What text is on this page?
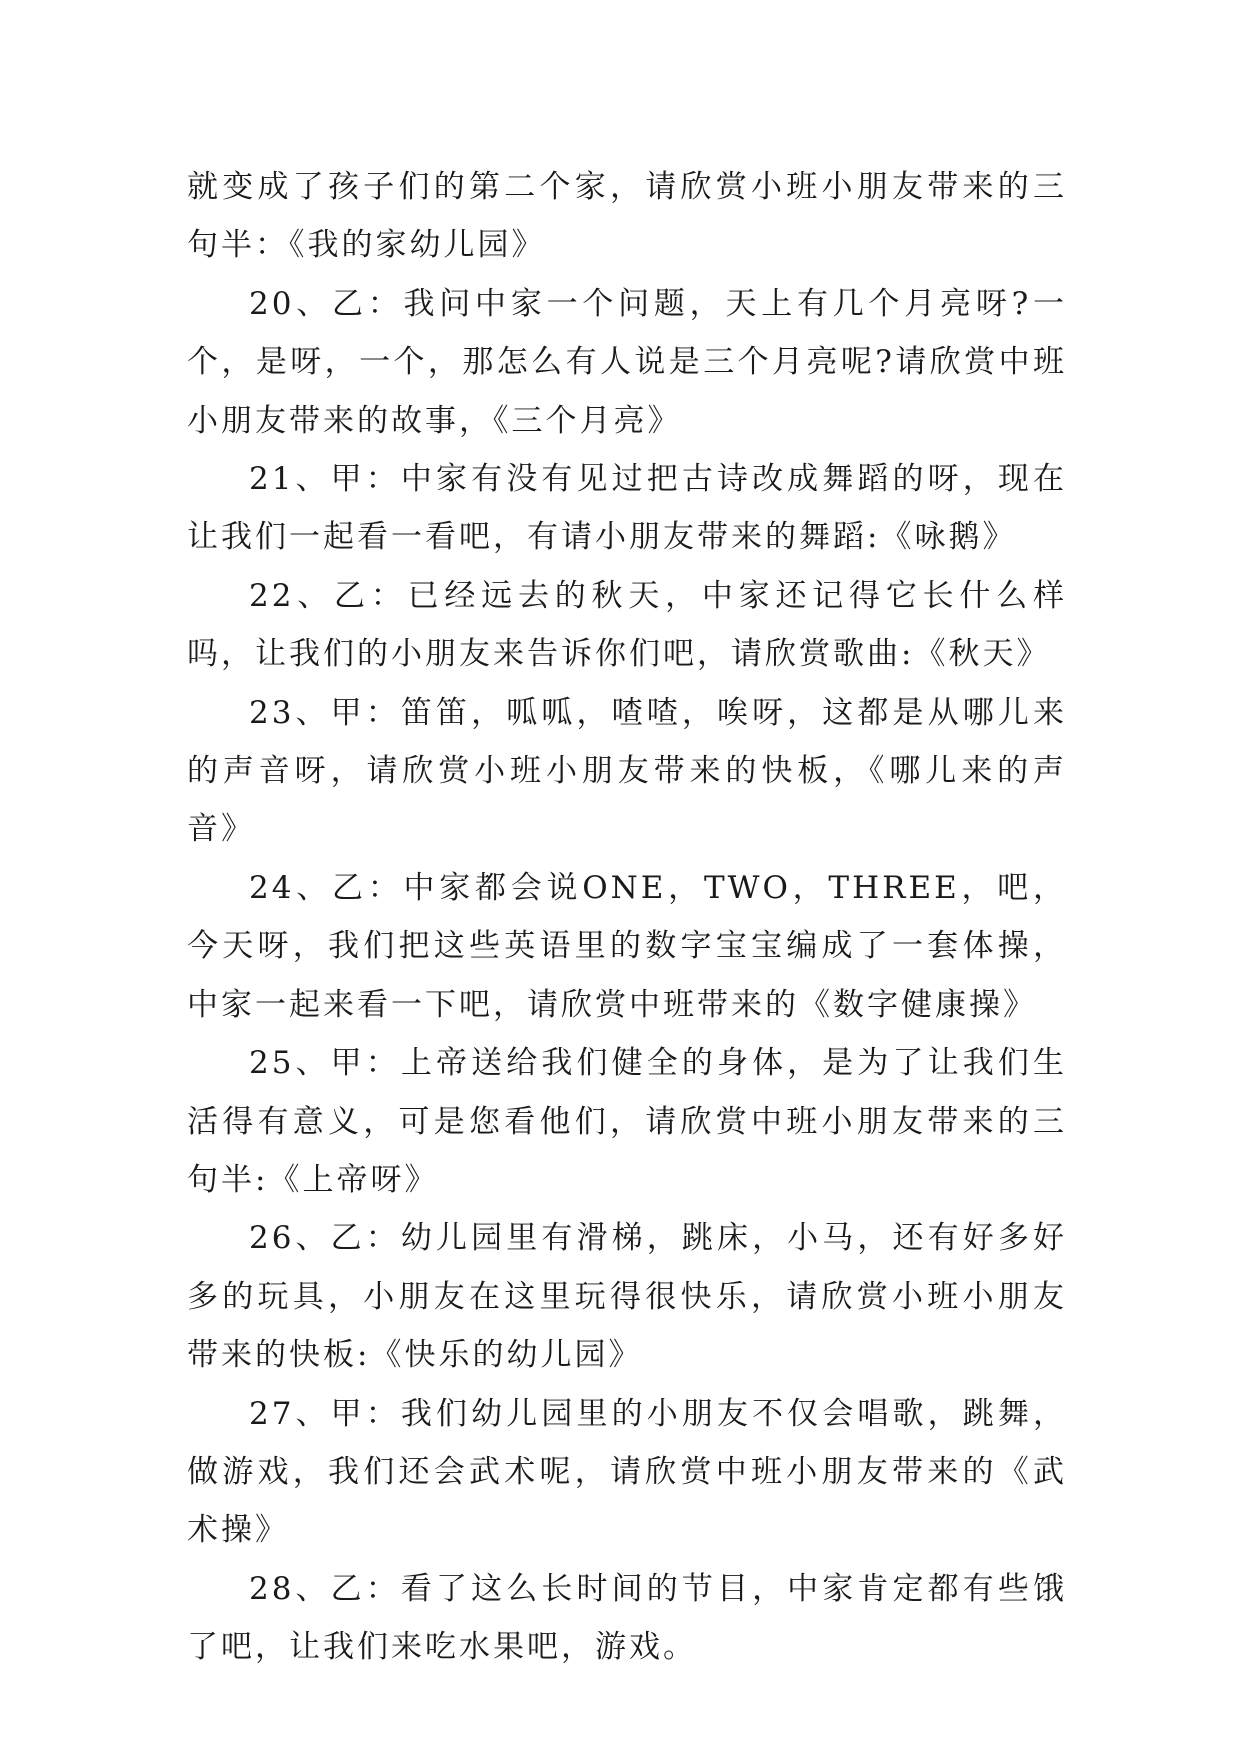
就变成了孩子们的第二个家，请欣赏小班小朋友带来的三句半：《我的家幼儿园》

20、乙：我问中家一个问题，天上有几个月亮呀?一个，是呀，一个，那怎么有人说是三个月亮呢?请欣赏中班小朋友带来的故事，《三个月亮》

21、甲：中家有没有见过把古诗改成舞蹈的呀，现在让我们一起看一看吧，有请小朋友带来的舞蹈:《咏鹅》

22、乙：已经远去的秋天，中家还记得它长什么样吗，让我们的小朋友来告诉你们吧，请欣赏歌曲:《秋天》

23、甲：笛笛，呱呱，喳喳，唉呀，这都是从哪儿来的声音呀，请欣赏小班小朋友带来的快板，《哪儿来的声音》

24、乙：中家都会说ONE，TWO，THREE，吧，今天呀，我们把这些英语里的数字宝宝编成了一套体操，中家一起来看一下吧，请欣赏中班带来的《数字健康操》

25、甲：上帝送给我们健全的身体，是为了让我们生活得有意义，可是您看他们，请欣赏中班小朋友带来的三句半:《上帝呀》

26、乙：幼儿园里有滑梯，跳床，小马，还有好多好多的玩具，小朋友在这里玩得很快乐，请欣赏小班小朋友带来的快板:《快乐的幼儿园》

27、甲：我们幼儿园里的小朋友不仅会唱歌，跳舞，做游戏，我们还会武术呢，请欣赏中班小朋友带来的《武术操》

28、乙：看了这么长时间的节目，中家肯定都有些饿了吧，让我们来吃水果吧，游戏。
